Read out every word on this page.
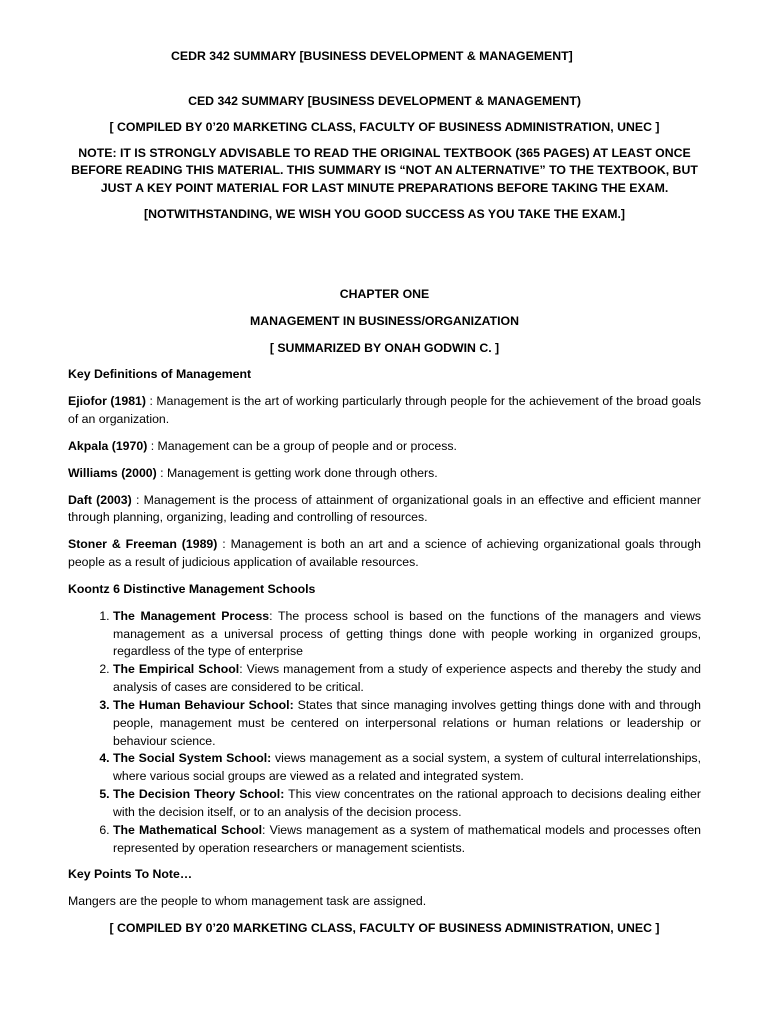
CEDR 342 SUMMARY [BUSINESS DEVELOPMENT & MANAGEMENT]

CED 342 SUMMARY [BUSINESS DEVELOPMENT & MANAGEMENT)

[ COMPILED BY 0’20 MARKETING CLASS, FACULTY OF BUSINESS ADMINISTRATION, UNEC ]

NOTE: IT IS STRONGLY ADVISABLE TO READ THE ORIGINAL TEXTBOOK (365 PAGES) AT LEAST ONCE BEFORE READING THIS MATERIAL. THIS SUMMARY IS “NOT AN ALTERNATIVE” TO THE TEXTBOOK, BUT JUST A KEY POINT MATERIAL FOR LAST MINUTE PREPARATIONS BEFORE TAKING THE EXAM.

[NOTWITHSTANDING, WE WISH YOU GOOD SUCCESS AS YOU TAKE THE EXAM.]

CHAPTER ONE

MANAGEMENT IN BUSINESS/ORGANIZATION

[ SUMMARIZED BY ONAH GODWIN C. ]

Key Definitions of Management

Ejiofor (1981) : Management is the art of working particularly through people for the achievement of the broad goals of an organization.

Akpala (1970) : Management can be a group of people and or process.

Williams (2000) : Management is getting work done through others.

Daft (2003) : Management is the process of attainment of organizational goals in an effective and efficient manner through planning, organizing, leading and controlling of resources.

Stoner & Freeman (1989) : Management is both an art and a science of achieving organizational goals through people as a result of judicious application of available resources.

Koontz 6 Distinctive Management Schools

1. The Management Process: The process school is based on the functions of the managers and views management as a universal process of getting things done with people working in organized groups, regardless of the type of enterprise
2. The Empirical School: Views management from a study of experience aspects and thereby the study and analysis of cases are considered to be critical.
3. The Human Behaviour School: States that since managing involves getting things done with and through people, management must be centered on interpersonal relations or human relations or leadership or behaviour science.
4. The Social System School: views management as a social system, a system of cultural interrelationships, where various social groups are viewed as a related and integrated system.
5. The Decision Theory School: This view concentrates on the rational approach to decisions dealing either with the decision itself, or to an analysis of the decision process.
6. The Mathematical School: Views management as a system of mathematical models and processes often represented by operation researchers or management scientists.

Key Points To Note…

Mangers are the people to whom management task are assigned.

[ COMPILED BY 0’20 MARKETING CLASS, FACULTY OF BUSINESS ADMINISTRATION, UNEC ]
